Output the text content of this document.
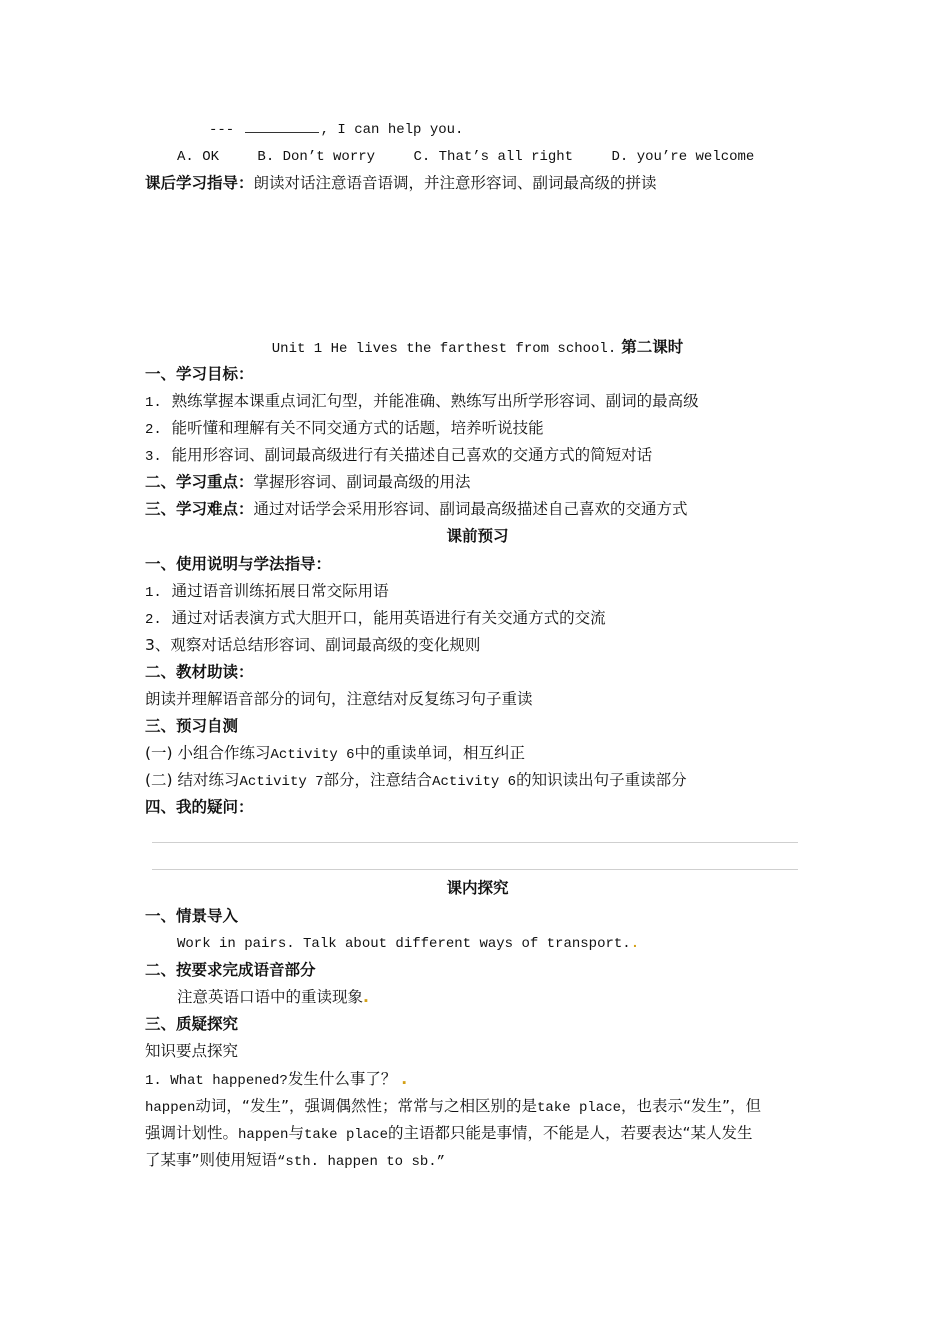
---	, I can help you.
A. OK	B. Don’t worry	C. That’s all right	D. you’re welcome
课后学习指导：朗读对话注意语音语调，并注意形容词、副词最高级的拼读
Unit 1 He lives the farthest from school. 第二课时
一、学习目标：
1. 熟练掌握本课重点词汇句型，并能准确、熟练写出所学形容词、副词的最高级
2. 能听懂和理解有关不同交通方式的话题，培养听说技能
3. 能用形容词、副词最高级进行有关描述自己喜欢的交通方式的简短对话
二、学习重点：掌握形容词、副词最高级的用法
三、学习难点：通过对话学会采用形容词、副词最高级描述自己喜欢的交通方式
课前预习
一、使用说明与学法指导：
1. 通过语音训练拓展日常交际用语
2. 通过对话表演方式大胆开口，能用英语进行有关交通方式的交流
3、观察对话总结形容词、副词最高级的变化规则
二、教材助读：
朗读并理解语音部分的词句，注意结对反复练习句子重读
三、预习自测
(一) 小组合作练习Activity 6中的重读单词，相互纠正
(二) 结对练习Activity 7部分，注意结合Activity 6的知识读出句子重读部分
四、我的疑问：
课内探究
一、情景导入
Work in pairs. Talk about different ways of transport..
二、按要求完成语音部分
注意英语口语中的重读现象.
三、质疑探究
知识要点探究
1. What happened?发生什么事了？ .
happen动词，“发生”，强调偶然性；常常与之相区别的是take place，也表示“发生”，但
强调计划性。happen与take place的主语都只能是事情，不能是人，若要表达“某人发生
了某事”则使用短语“sth. happen to sb.”
